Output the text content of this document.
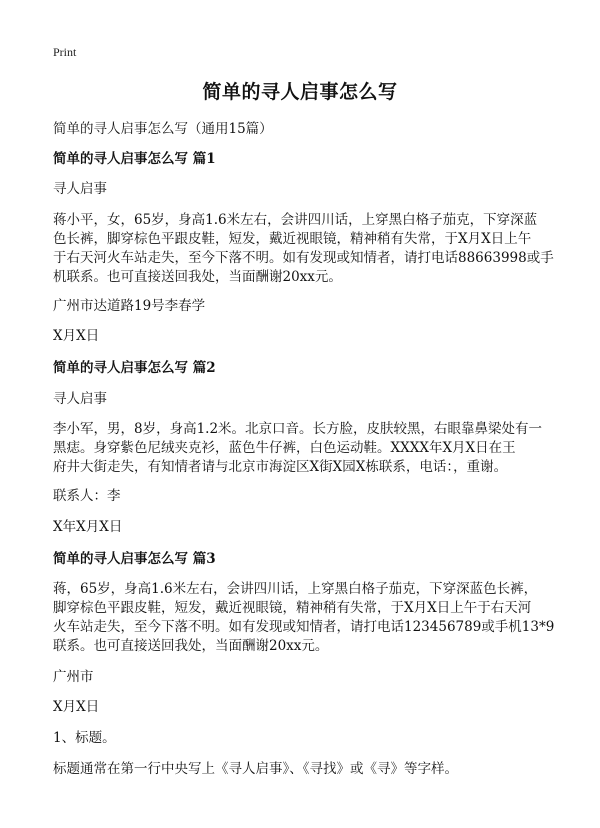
Print
简单的寻人启事怎么写
简单的寻人启事怎么写（通用15篇）
简单的寻人启事怎么写 篇1
寻人启事
蒋小平，女，65岁，身高1.6米左右，会讲四川话，上穿黑白格子茄克，下穿深蓝
色长裤，脚穿棕色平跟皮鞋，短发，戴近视眼镜，精神稍有失常，于X月X日上午
于右天河火车站走失，至今下落不明。如有发现或知情者，请打电话88663998或手
机联系。也可直接送回我处，当面酬谢20xx元。
广州市达道路19号李春学
X月X日
简单的寻人启事怎么写 篇2
寻人启事
李小军，男，8岁，身高1.2米。北京口音。长方脸，皮肤较黑，右眼靠鼻梁处有一
黑痣。身穿紫色尼绒夹克衫，蓝色牛仔裤，白色运动鞋。XXXX年X月X日在王
府井大街走失，有知情者请与北京市海淀区X街X园X栋联系，电话：，重谢。
联系人：李
X年X月X日
简单的寻人启事怎么写 篇3
蒋，65岁，身高1.6米左右，会讲四川话，上穿黑白格子茄克，下穿深蓝色长裤，
脚穿棕色平跟皮鞋，短发，戴近视眼镜，精神稍有失常，于X月X日上午于右天河
火车站走失，至今下落不明。如有发现或知情者，请打电话123456789或手机13*9
联系。也可直接送回我处，当面酬谢20xx元。
广州市
X月X日
1、标题。
标题通常在第一行中央写上《寻人启事》、《寻找》或《寻》等字样。
